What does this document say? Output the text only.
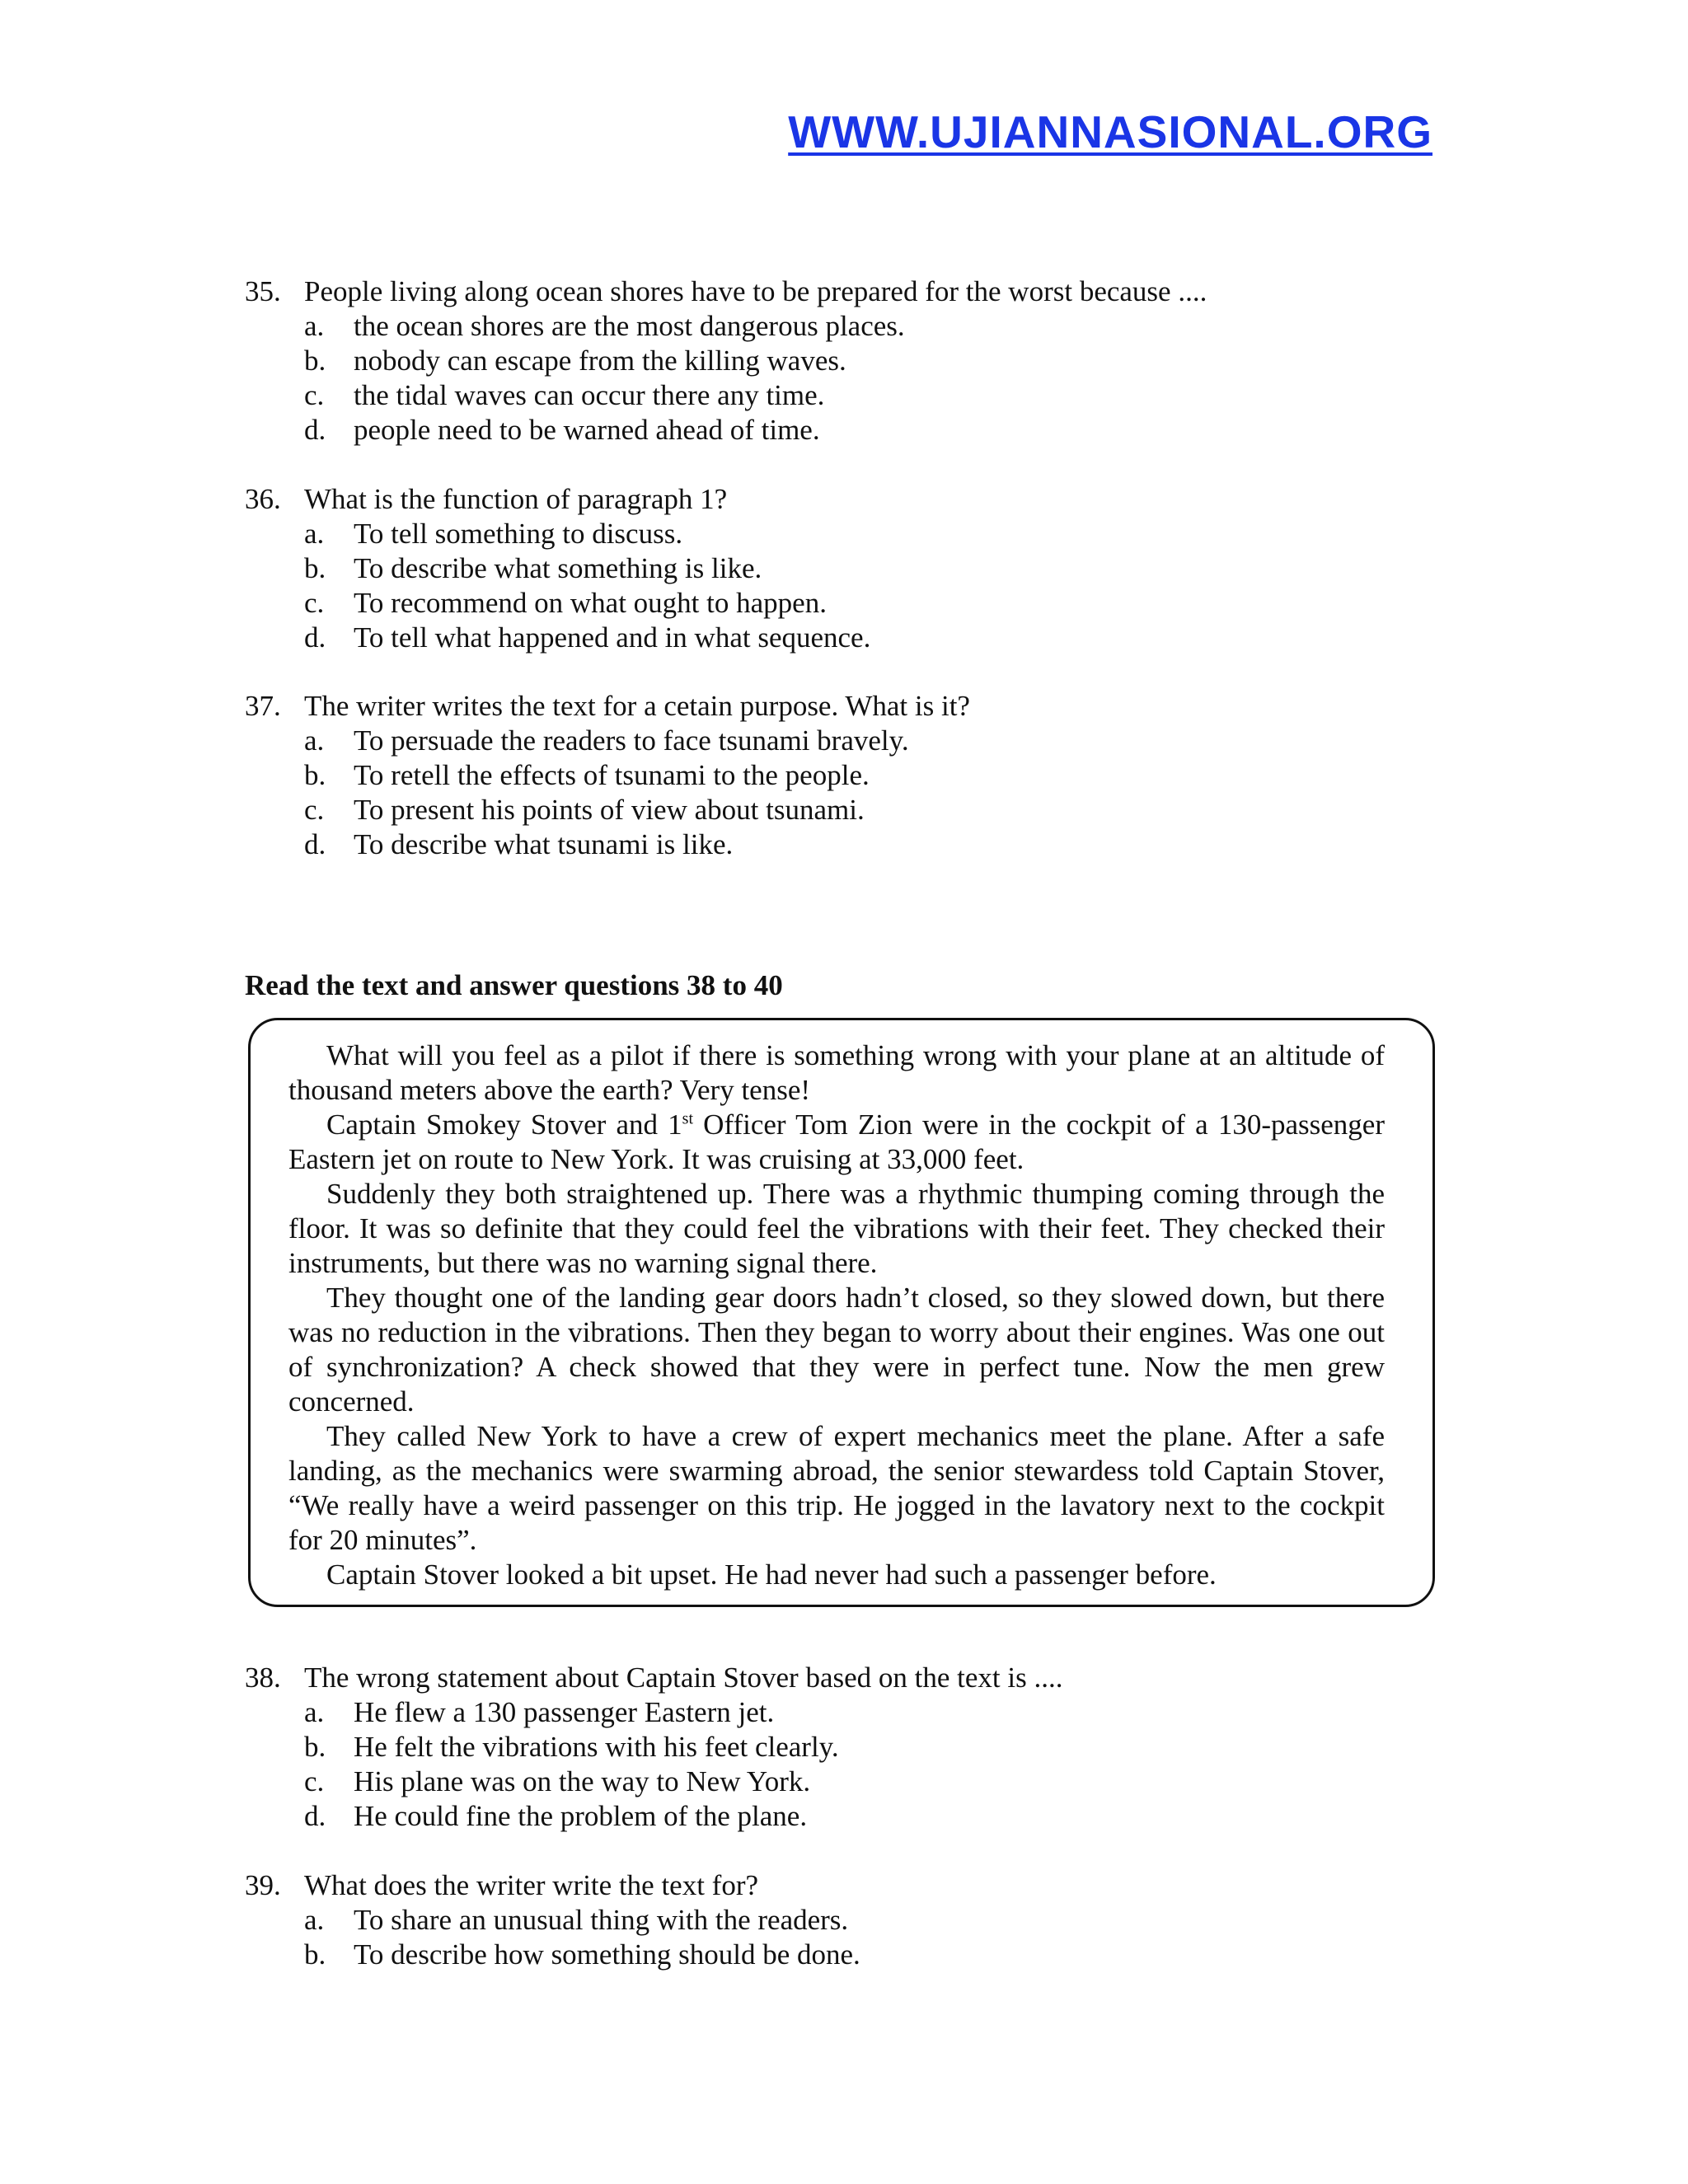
WWW.UJIANNASIONAL.ORG
35. People living along ocean shores have to be prepared for the worst because ....
a.	the ocean shores are the most dangerous places.
b. nobody can escape from the killing waves.
c.	the tidal waves can occur there any time.
d. people need to be warned ahead of time.
36. What is the function of paragraph 1?
a.	To tell something to discuss.
b. To describe what something is like.
c.	To recommend on what ought to happen.
d. To tell what happened and in what sequence.
37. The writer writes the text for a cetain purpose. What is it?
a.	To persuade the readers to face tsunami bravely.
b. To retell the effects of tsunami to the people.
c.	To present his points of view about tsunami.
d. To describe what tsunami is like.
Read the text and answer questions 38 to 40

What will you feel as a pilot if there is something wrong with your plane at an altitude of thousand meters above the earth? Very tense!

Captain Smokey Stover and 1st Officer Tom Zion were in the cockpit of a 130-passenger Eastern jet on route to New York. It was cruising at 33,000 feet.

Suddenly they both straightened up. There was a rhythmic thumping coming through the floor. It was so definite that they could feel the vibrations with their feet. They checked their instruments, but there was no warning signal there.

They thought one of the landing gear doors hadn’t closed, so they slowed down, but there was no reduction in the vibrations. Then they began to worry about their engines. Was one out of synchronization? A check showed that they were in perfect tune. Now the men grew concerned.

They called New York to have a crew of expert mechanics meet the plane. After a safe landing, as the mechanics were swarming abroad, the senior stewardess told Captain Stover, “We really have a weird passenger on this trip. He jogged in the lavatory next to the cockpit for 20 minutes”.

Captain Stover looked a bit upset. He had never had such a passenger before.

38. The wrong statement about Captain Stover based on the text is ....
a.	He flew a 130 passenger Eastern jet.
b. He felt the vibrations with his feet clearly.
c.	His plane was on the way to New York.
d. He could fine the problem of the plane.
39. What does the writer write the text for?
a.	To share an unusual thing with the readers.
b. To describe how something should be done.
